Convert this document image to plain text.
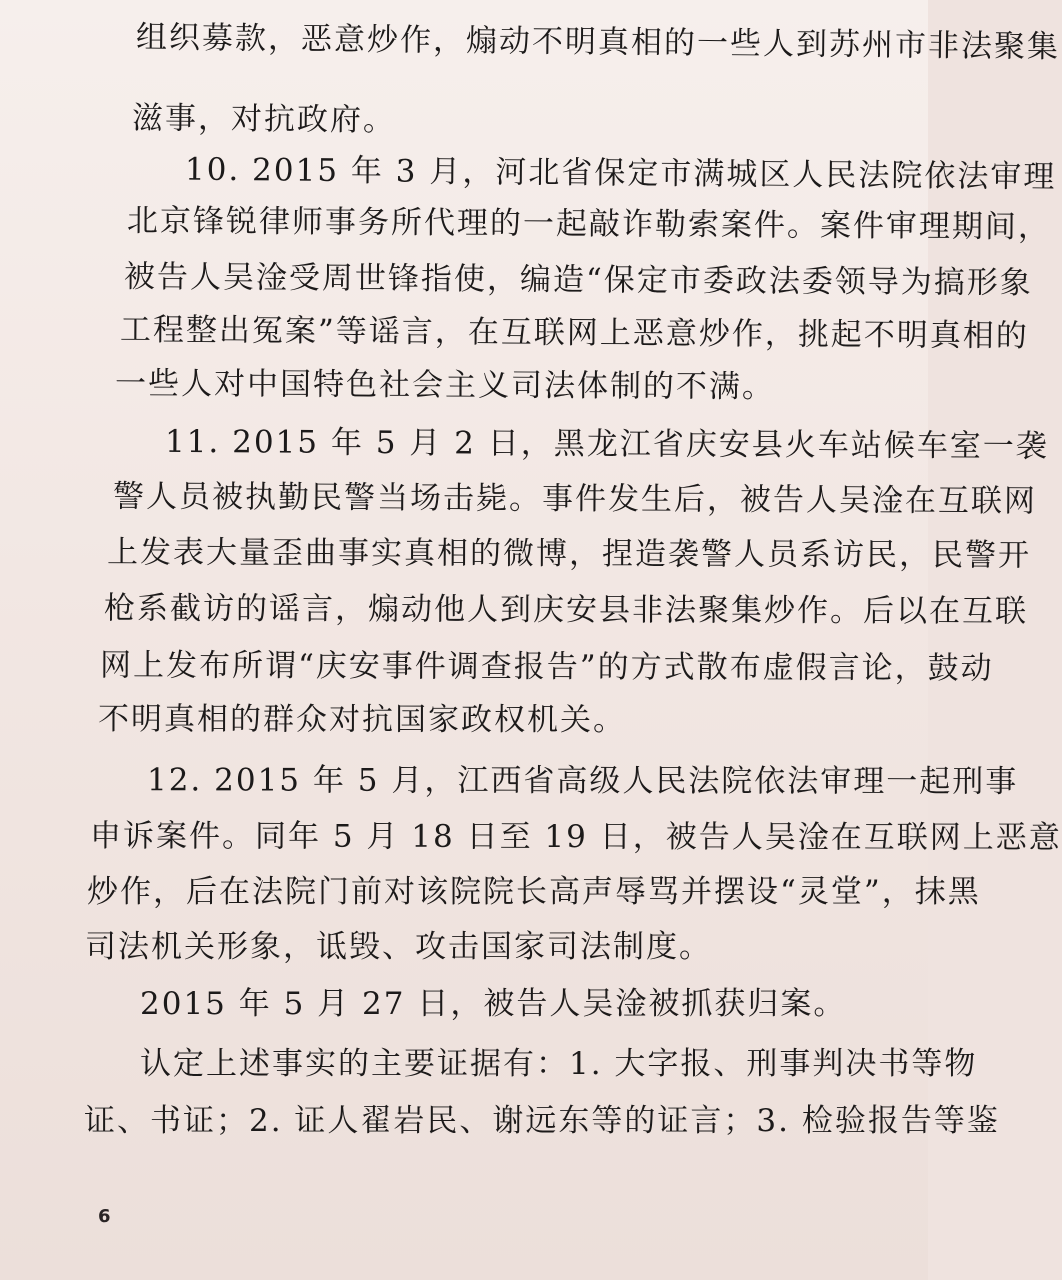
组织募款，恶意炒作，煽动不明真相的一些人到苏州市非法聚集
滋事，对抗政府。
10. 2015 年 3 月，河北省保定市满城区人民法院依法审理
北京锋锐律师事务所代理的一起敲诈勒索案件。案件审理期间，
被告人吴淦受周世锋指使，编造“保定市委政法委领导为搞形象
工程整出冤案”等谣言，在互联网上恶意炒作，挑起不明真相的
一些人对中国特色社会主义司法体制的不满。
11. 2015 年 5 月 2 日，黑龙江省庆安县火车站候车室一袭
警人员被执勤民警当场击毙。事件发生后，被告人吴淦在互联网
上发表大量歪曲事实真相的微博，捏造袭警人员系访民，民警开
枪系截访的谣言，煽动他人到庆安县非法聚集炒作。后以在互联
网上发布所谓“庆安事件调查报告”的方式散布虚假言论，鼓动
不明真相的群众对抗国家政权机关。
12. 2015 年 5 月，江西省高级人民法院依法审理一起刑事
申诉案件。同年 5 月 18 日至 19 日，被告人吴淦在互联网上恶意
炒作，后在法院门前对该院院长高声辱骂并摆设“灵堂”，抹黑
司法机关形象，诋毁、攻击国家司法制度。
2015 年 5 月 27 日，被告人吴淦被抓获归案。
认定上述事实的主要证据有：1. 大字报、刑事判决书等物
证、书证；2. 证人翟岩民、谢远东等的证言；3. 检验报告等鉴
6
